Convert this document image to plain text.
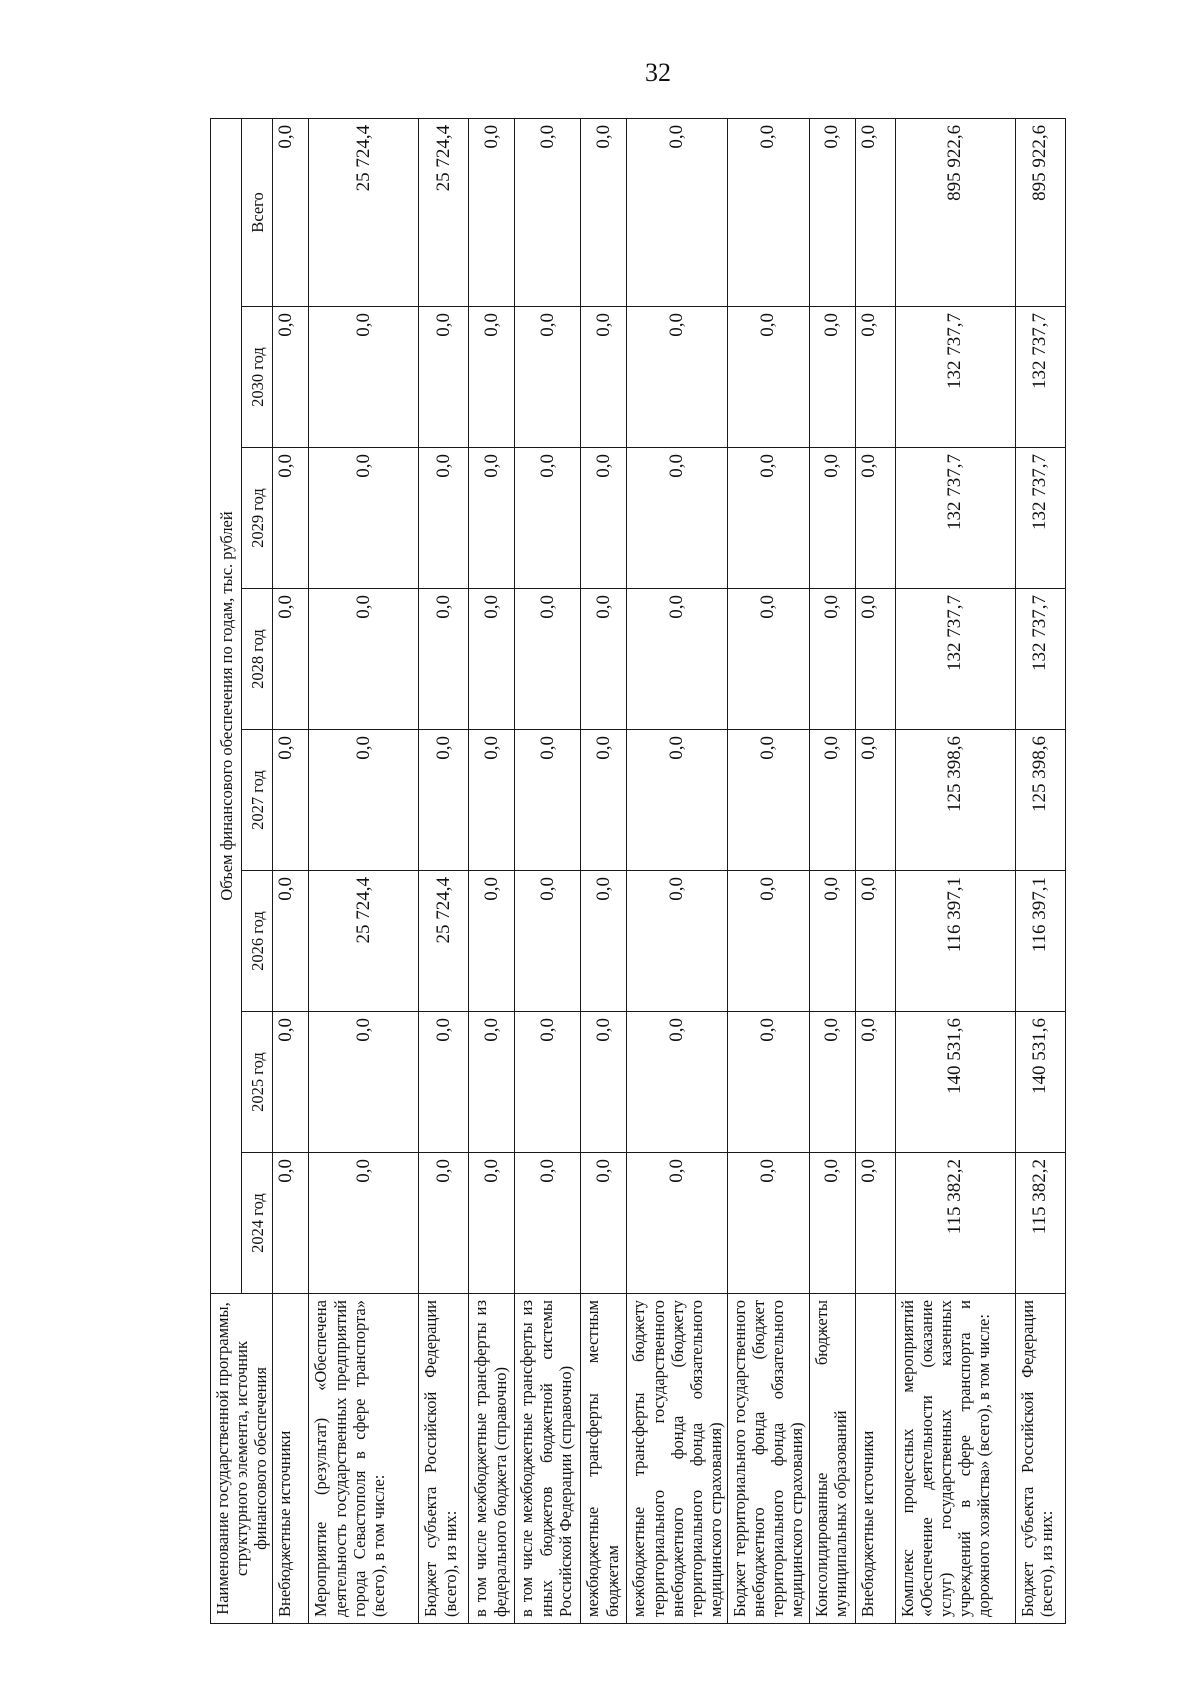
32
Наименование государственной программы, структурного элемента, источник финансового обеспечения	Объем финансового обеспечения по годам, тыс. рублей							
	2024 год	2025 год	2026 год	2027 год	2028 год	2029 год	2030 год	Всего
Внебюджетные источники	0,0	0,0	0,0	0,0	0,0	0,0	0,0	0,0
Мероприятие (результат) «Обеспечена деятельность государственных предприятий города Севастополя в сфере транспорта» (всего), в том числе:	0,0	0,0	25 724,4	0,0	0,0	0,0	0,0	25 724,4
Бюджет субъекта Российской Федерации (всего), из них:	0,0	0,0	25 724,4	0,0	0,0	0,0	0,0	25 724,4
в том числе межбюджетные трансферты из федерального бюджета (справочно)	0,0	0,0	0,0	0,0	0,0	0,0	0,0	0,0
в том числе межбюджетные трансферты из иных бюджетов бюджетной системы Российской Федерации (справочно)	0,0	0,0	0,0	0,0	0,0	0,0	0,0	0,0
межбюджетные трансферты местным бюджетам	0,0	0,0	0,0	0,0	0,0	0,0	0,0	0,0
межбюджетные трансферты бюджету территориального государственного внебюджетного фонда (бюджету территориального фонда обязательного медицинского страхования)	0,0	0,0	0,0	0,0	0,0	0,0	0,0	0,0
Бюджет территориального государственного внебюджетного фонда (бюджет территориального фонда обязательного медицинского страхования)	0,0	0,0	0,0	0,0	0,0	0,0	0,0	0,0
Консолидированные бюджеты муниципальных образований	0,0	0,0	0,0	0,0	0,0	0,0	0,0	0,0
Внебюджетные источники	0,0	0,0	0,0	0,0	0,0	0,0	0,0	0,0
Комплекс процессных мероприятий «Обеспечение деятельности (оказание услуг) государственных казенных учреждений в сфере транспорта и дорожного хозяйства» (всего), в том числе:	115 382,2	140 531,6	116 397,1	125 398,6	132 737,7	132 737,7	132 737,7	895 922,6
Бюджет субъекта Российской Федерации (всего), из них:	115 382,2	140 531,6	116 397,1	125 398,6	132 737,7	132 737,7	132 737,7	895 922,6
